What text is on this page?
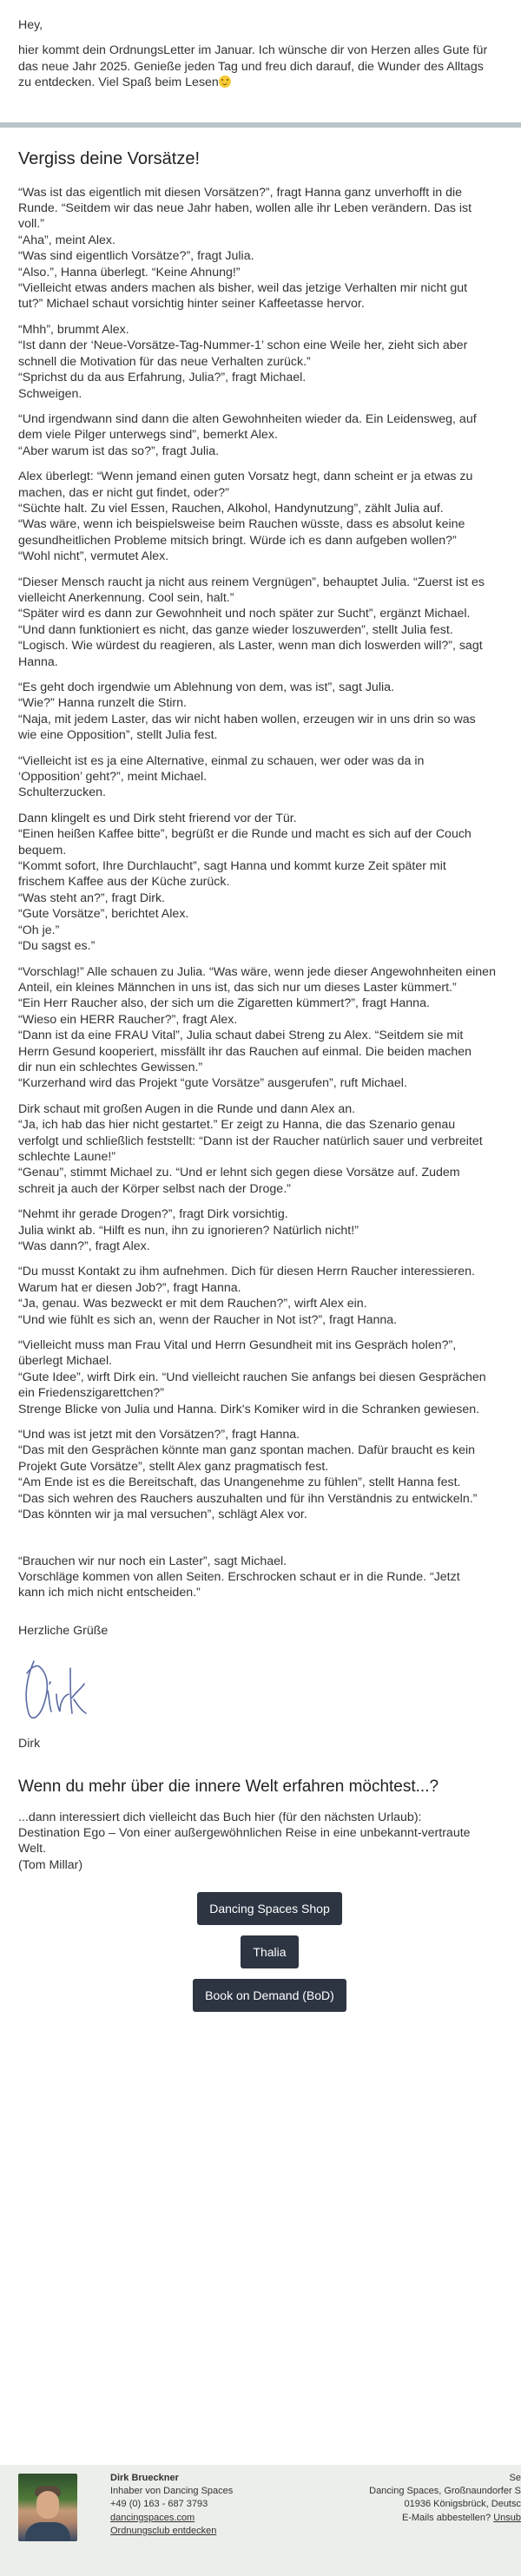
Hey,
hier kommt dein OrdnungsLetter im Januar. Ich wünsche dir von Herzen alles Gute für
das neue Jahr 2025. Genieße jeden Tag und freu dich darauf, die Wunder des Alltags
zu entdecken. Viel Spaß beim Lesen
Vergiss deine Vorsätze!
“Was ist das eigentlich mit diesen Vorsätzen?”, fragt Hanna ganz unverhofft in die
Runde. “Seitdem wir das neue Jahr haben, wollen alle ihr Leben verändern. Das ist
voll.”
“Aha”, meint Alex.
“Was sind eigentlich Vorsätze?”, fragt Julia.
“Also.”, Hanna überlegt. “Keine Ahnung!”
“Vielleicht etwas anders machen als bisher, weil das jetzige Verhalten mir nicht gut
tut?” Michael schaut vorsichtig hinter seiner Kaffeetasse hervor.
“Mhh”, brummt Alex.
“Ist dann der ‘Neue-Vorsätze-Tag-Nummer-1’ schon eine Weile her, zieht sich aber
schnell die Motivation für das neue Verhalten zurück.”
“Sprichst du da aus Erfahrung, Julia?”, fragt Michael.
Schweigen.
“Und irgendwann sind dann die alten Gewohnheiten wieder da. Ein Leidensweg, auf
dem viele Pilger unterwegs sind”, bemerkt Alex.
“Aber warum ist das so?”, fragt Julia.
Alex überlegt: “Wenn jemand einen guten Vorsatz hegt, dann scheint er ja etwas zu
machen, das er nicht gut findet, oder?”
“Süchte halt. Zu viel Essen, Rauchen, Alkohol, Handynutzung”, zählt Julia auf.
“Was wäre, wenn ich beispielsweise beim Rauchen wüsste, dass es absolut keine
gesundheitlichen Probleme mitsich bringt. Würde ich es dann aufgeben wollen?”
“Wohl nicht”, vermutet Alex.
“Dieser Mensch raucht ja nicht aus reinem Vergnügen”, behauptet Julia. “Zuerst ist es
vielleicht Anerkennung. Cool sein, halt.”
“Später wird es dann zur Gewohnheit und noch später zur Sucht”, ergänzt Michael.
“Und dann funktioniert es nicht, das ganze wieder loszuwerden”, stellt Julia fest.
“Logisch. Wie würdest du reagieren, als Laster, wenn man dich loswerden will?”, sagt
Hanna.
“Es geht doch irgendwie um Ablehnung von dem, was ist”, sagt Julia.
“Wie?” Hanna runzelt die Stirn.
“Naja, mit jedem Laster, das wir nicht haben wollen, erzeugen wir in uns drin so was
wie eine Opposition”, stellt Julia fest.
“Vielleicht ist es ja eine Alternative, einmal zu schauen, wer oder was da in
‘Opposition’ geht?”, meint Michael.
Schulterzucken.
Dann klingelt es und Dirk steht frierend vor der Tür.
“Einen heißen Kaffee bitte”, begrüßt er die Runde und macht es sich auf der Couch
bequem.
“Kommt sofort, Ihre Durchlaucht”, sagt Hanna und kommt kurze Zeit später mit
frischem Kaffee aus der Küche zurück.
“Was steht an?”, fragt Dirk.
“Gute Vorsätze”, berichtet Alex.
“Oh je.”
“Du sagst es.”
“Vorschlag!” Alle schauen zu Julia. “Was wäre, wenn jede dieser Angewohnheiten einen
Anteil, ein kleines Männchen in uns ist, das sich nur um dieses Laster kümmert.”
“Ein Herr Raucher also, der sich um die Zigaretten kümmert?”, fragt Hanna.
“Wieso ein HERR Raucher?”, fragt Alex.
“Dann ist da eine FRAU Vital”, Julia schaut dabei Streng zu Alex. “Seitdem sie mit
Herrn Gesund kooperiert, missfällt ihr das Rauchen auf einmal. Die beiden machen
dir nun ein schlechtes Gewissen.”
“Kurzerhand wird das Projekt “gute Vorsätze” ausgerufen”, ruft Michael.
Dirk schaut mit großen Augen in die Runde und dann Alex an.
“Ja, ich hab das hier nicht gestartet.” Er zeigt zu Hanna, die das Szenario genau
verfolgt und schließlich feststellt: “Dann ist der Raucher natürlich sauer und verbreitet
schlechte Laune!”
“Genau”, stimmt Michael zu. “Und er lehnt sich gegen diese Vorsätze auf. Zudem
schreit ja auch der Körper selbst nach der Droge.”
“Nehmt ihr gerade Drogen?”, fragt Dirk vorsichtig.
Julia winkt ab. “Hilft es nun, ihn zu ignorieren? Natürlich nicht!”
“Was dann?”, fragt Alex.
“Du musst Kontakt zu ihm aufnehmen. Dich für diesen Herrn Raucher interessieren.
Warum hat er diesen Job?”, fragt Hanna.
“Ja, genau. Was bezweckt er mit dem Rauchen?”, wirft Alex ein.
“Und wie fühlt es sich an, wenn der Raucher in Not ist?”, fragt Hanna.
“Vielleicht muss man Frau Vital und Herrn Gesundheit mit ins Gespräch holen?”,
überlegt Michael.
“Gute Idee”, wirft Dirk ein. “Und vielleicht rauchen Sie anfangs bei diesen Gesprächen
ein Friedenszigarettchen?”
Strenge Blicke von Julia und Hanna. Dirk's Komiker wird in die Schranken gewiesen.
“Und was ist jetzt mit den Vorsätzen?”, fragt Hanna.
“Das mit den Gesprächen könnte man ganz spontan machen. Dafür braucht es kein
Projekt Gute Vorsätze”, stellt Alex ganz pragmatisch fest.
“Am Ende ist es die Bereitschaft, das Unangenehme zu fühlen”, stellt Hanna fest.
“Das sich wehren des Rauchers auszuhalten und für ihn Verständnis zu entwickeln.”
“Das könnten wir ja mal versuchen”, schlägt Alex vor.
“Brauchen wir nur noch ein Laster”, sagt Michael.
Vorschläge kommen von allen Seiten. Erschrocken schaut er in die Runde. “Jetzt
kann ich mich nicht entscheiden.”
Herzliche Grüße
Dirk
Wenn du mehr über die innere Welt erfahren möchtest...?
...dann interessiert dich vielleicht das Buch hier (für den nächsten Urlaub):
Destination Ego – Von einer außergewöhnlichen Reise in eine unbekannt-vertraute
Welt.
(Tom Millar)
Dancing Spaces Shop
Thalia
Book on Demand (BoD)
Dirk Brueckner
Inhaber von Dancing Spaces
+49 (0) 163 - 687 3793
dancingspaces.com
Ordnungsclub entdecken
Se
Dancing Spaces, Großnaundorfer S
01936 Königsbrück, Deutsc
E-Mails abbestellen? Unsub
